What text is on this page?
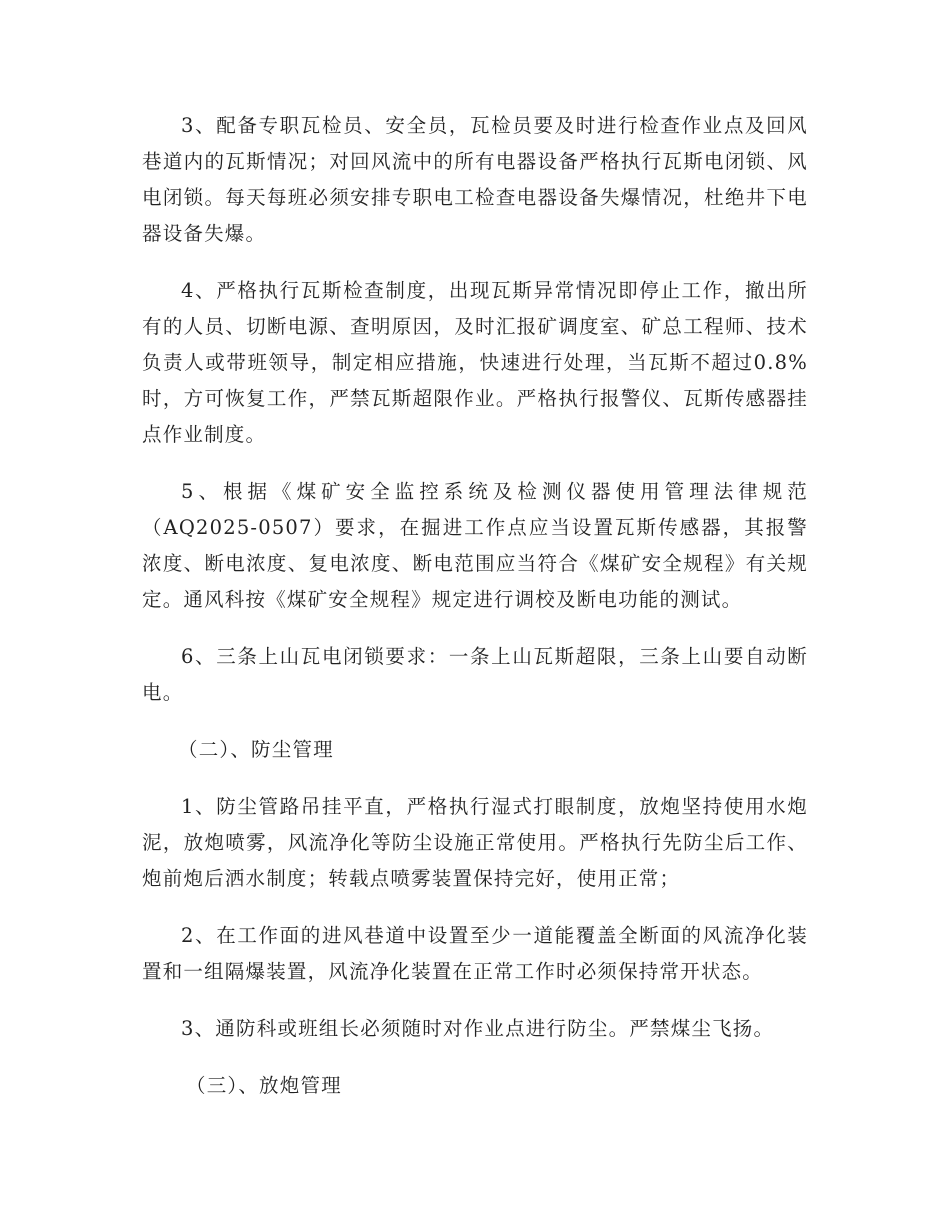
3、配备专职瓦检员、安全员，瓦检员要及时进行检查作业点及回风巷道内的瓦斯情况；对回风流中的所有电器设备严格执行瓦斯电闭锁、风电闭锁。每天每班必须安排专职电工检查电器设备失爆情况，杜绝井下电器设备失爆。

4、严格执行瓦斯检查制度，出现瓦斯异常情况即停止工作，撤出所有的人员、切断电源、查明原因，及时汇报矿调度室、矿总工程师、技术负责人或带班领导，制定相应措施，快速进行处理，当瓦斯不超过0.8%时，方可恢复工作，严禁瓦斯超限作业。严格执行报警仪、瓦斯传感器挂点作业制度。

5、根据《煤矿安全监控系统及检测仪器使用管理法律规范（AQ2025-0507）要求，在掘进工作点应当设置瓦斯传感器，其报警浓度、断电浓度、复电浓度、断电范围应当符合《煤矿安全规程》有关规定。通风科按《煤矿安全规程》规定进行调校及断电功能的测试。

6、三条上山瓦电闭锁要求：一条上山瓦斯超限，三条上山要自动断电。

（二）、防尘管理

1、防尘管路吊挂平直，严格执行湿式打眼制度，放炮坚持使用水炮泥，放炮喷雾，风流净化等防尘设施正常使用。严格执行先防尘后工作、炮前炮后洒水制度；转载点喷雾装置保持完好，使用正常；

2、在工作面的进风巷道中设置至少一道能覆盖全断面的风流净化装置和一组隔爆装置，风流净化装置在正常工作时必须保持常开状态。

3、通防科或班组长必须随时对作业点进行防尘。严禁煤尘飞扬。

（三）、放炮管理
